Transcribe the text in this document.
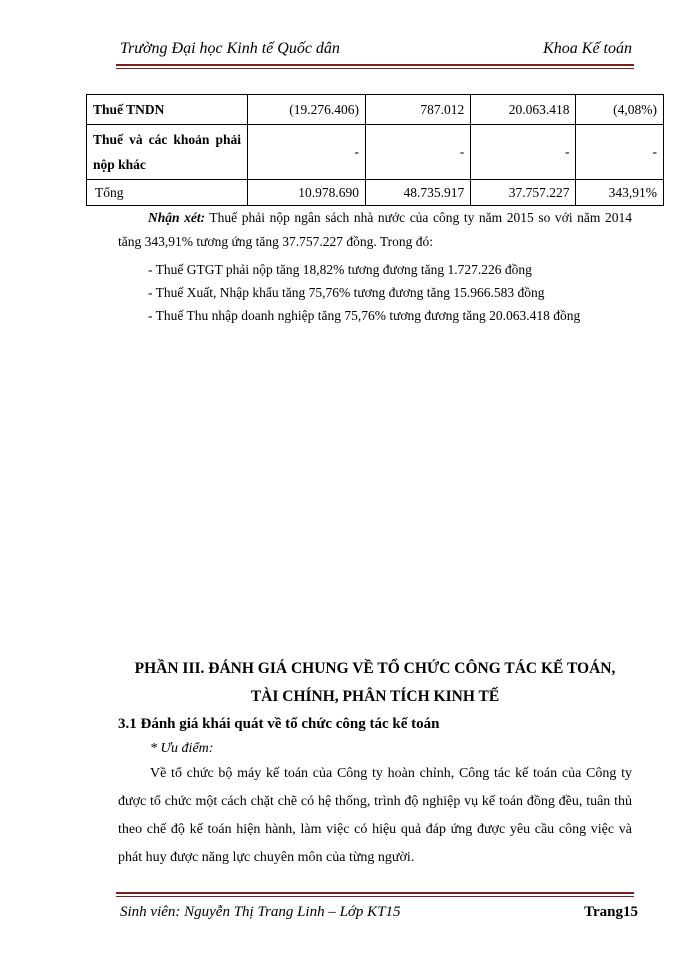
Trường Đại học Kinh tế Quốc dân	Khoa Kế toán
Thuế TNDN	(19.276.406)	787.012	20.063.418	(4,08%)
Thuế và các khoản phải nộp khác	-	-	-	-
Tổng	10.978.690	48.735.917	37.757.227	343,91%
Nhận xét: Thuế phải nộp ngân sách nhà nước của công ty năm 2015 so với năm 2014 tăng 343,91% tương ứng tăng 37.757.227 đồng. Trong đó:
- Thuế GTGT phải nộp tăng 18,82% tương đương tăng 1.727.226 đồng
- Thuế Xuất, Nhập khẩu tăng 75,76% tương đương tăng 15.966.583 đồng
- Thuế Thu nhập doanh nghiệp tăng 75,76% tương đương tăng 20.063.418 đồng
PHẦN III. ĐÁNH GIÁ CHUNG VỀ TỔ CHỨC CÔNG TÁC KẾ TOÁN,
TÀI CHÍNH, PHÂN TÍCH KINH TẾ
3.1 Đánh giá khái quát về tổ chức công tác kế toán
* Ưu điểm:
Về tổ chức bộ máy kế toán của Công ty hoàn chỉnh, Công tác kế toán của Công ty được tổ chức một cách chặt chẽ có hệ thống, trình độ nghiệp vụ kế toán đồng đều, tuân thủ theo chế độ kế toán hiện hành, làm việc có hiệu quả đáp ứng được yêu cầu công việc và phát huy được năng lực chuyên môn của từng người.
Sinh viên: Nguyễn Thị Trang Linh – Lớp KT15	Trang15
